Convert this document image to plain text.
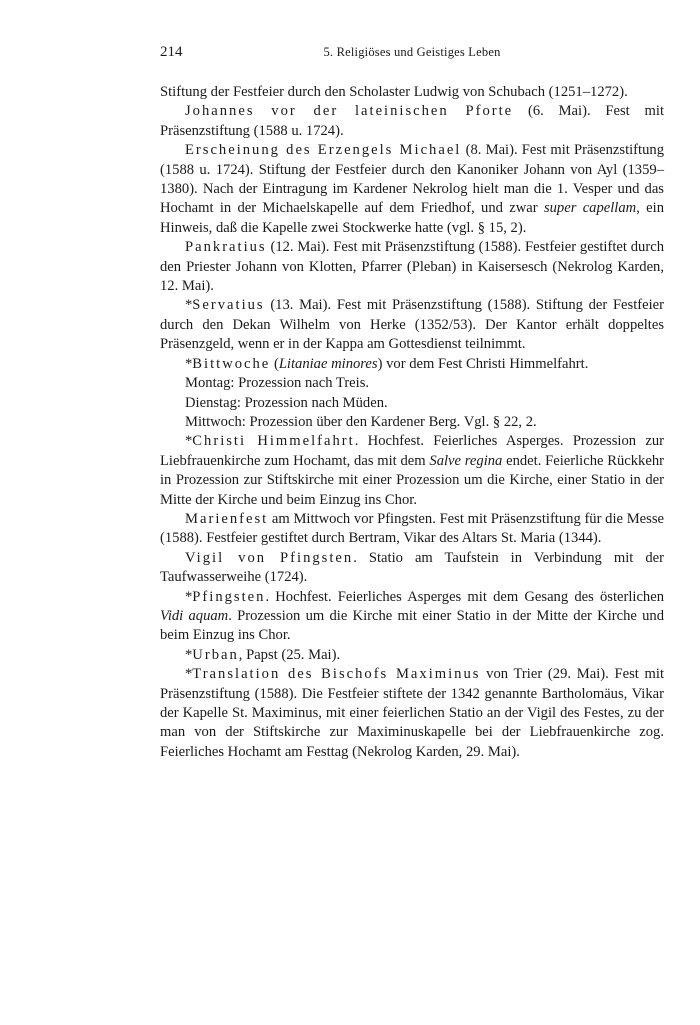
214	5. Religiöses und Geistiges Leben

Stiftung der Festfeier durch den Scholaster Ludwig von Schubach (1251–1272).

Johannes vor der lateinischen Pforte (6. Mai). Fest mit Präsenzstiftung (1588 u. 1724).

Erscheinung des Erzengels Michael (8. Mai). Fest mit Präsenzstiftung (1588 u. 1724). Stiftung der Festfeier durch den Kanoniker Johann von Ayl (1359–1380). Nach der Eintragung im Kardener Nekrolog hielt man die 1. Vesper und das Hochamt in der Michaelskapelle auf dem Friedhof, und zwar super capellam, ein Hinweis, daß die Kapelle zwei Stockwerke hatte (vgl. § 15, 2).

Pankratius (12. Mai). Fest mit Präsenzstiftung (1588). Festfeier gestiftet durch den Priester Johann von Klotten, Pfarrer (Pleban) in Kaisersesch (Nekrolog Karden, 12. Mai).

*Servatius (13. Mai). Fest mit Präsenzstiftung (1588). Stiftung der Festfeier durch den Dekan Wilhelm von Herke (1352/53). Der Kantor erhält doppeltes Präsenzgeld, wenn er in der Kappa am Gottesdienst teilnimmt.

*Bittwoche (Litaniae minores) vor dem Fest Christi Himmelfahrt.

Montag: Prozession nach Treis.

Dienstag: Prozession nach Müden.

Mittwoch: Prozession über den Kardener Berg. Vgl. § 22, 2.

*Christi Himmelfahrt. Hochfest. Feierliches Asperges. Prozession zur Liebfrauenkirche zum Hochamt, das mit dem Salve regina endet. Feierliche Rückkehr in Prozession zur Stiftskirche mit einer Prozession um die Kirche, einer Statio in der Mitte der Kirche und beim Einzug ins Chor.

Marienfest am Mittwoch vor Pfingsten. Fest mit Präsenzstiftung für die Messe (1588). Festfeier gestiftet durch Bertram, Vikar des Altars St. Maria (1344).

Vigil von Pfingsten. Statio am Taufstein in Verbindung mit der Taufwasserweihe (1724).

*Pfingsten. Hochfest. Feierliches Asperges mit dem Gesang des österlichen Vidi aquam. Prozession um die Kirche mit einer Statio in der Mitte der Kirche und beim Einzug ins Chor.

*Urban, Papst (25. Mai).

*Translation des Bischofs Maximinus von Trier (29. Mai). Fest mit Präsenzstiftung (1588). Die Festfeier stiftete der 1342 genannte Bartholomäus, Vikar der Kapelle St. Maximinus, mit einer feierlichen Statio an der Vigil des Festes, zu der man von der Stiftskirche zur Maximinuskapelle bei der Liebfrauenkirche zog. Feierliches Hochamt am Festtag (Nekrolog Karden, 29. Mai).
